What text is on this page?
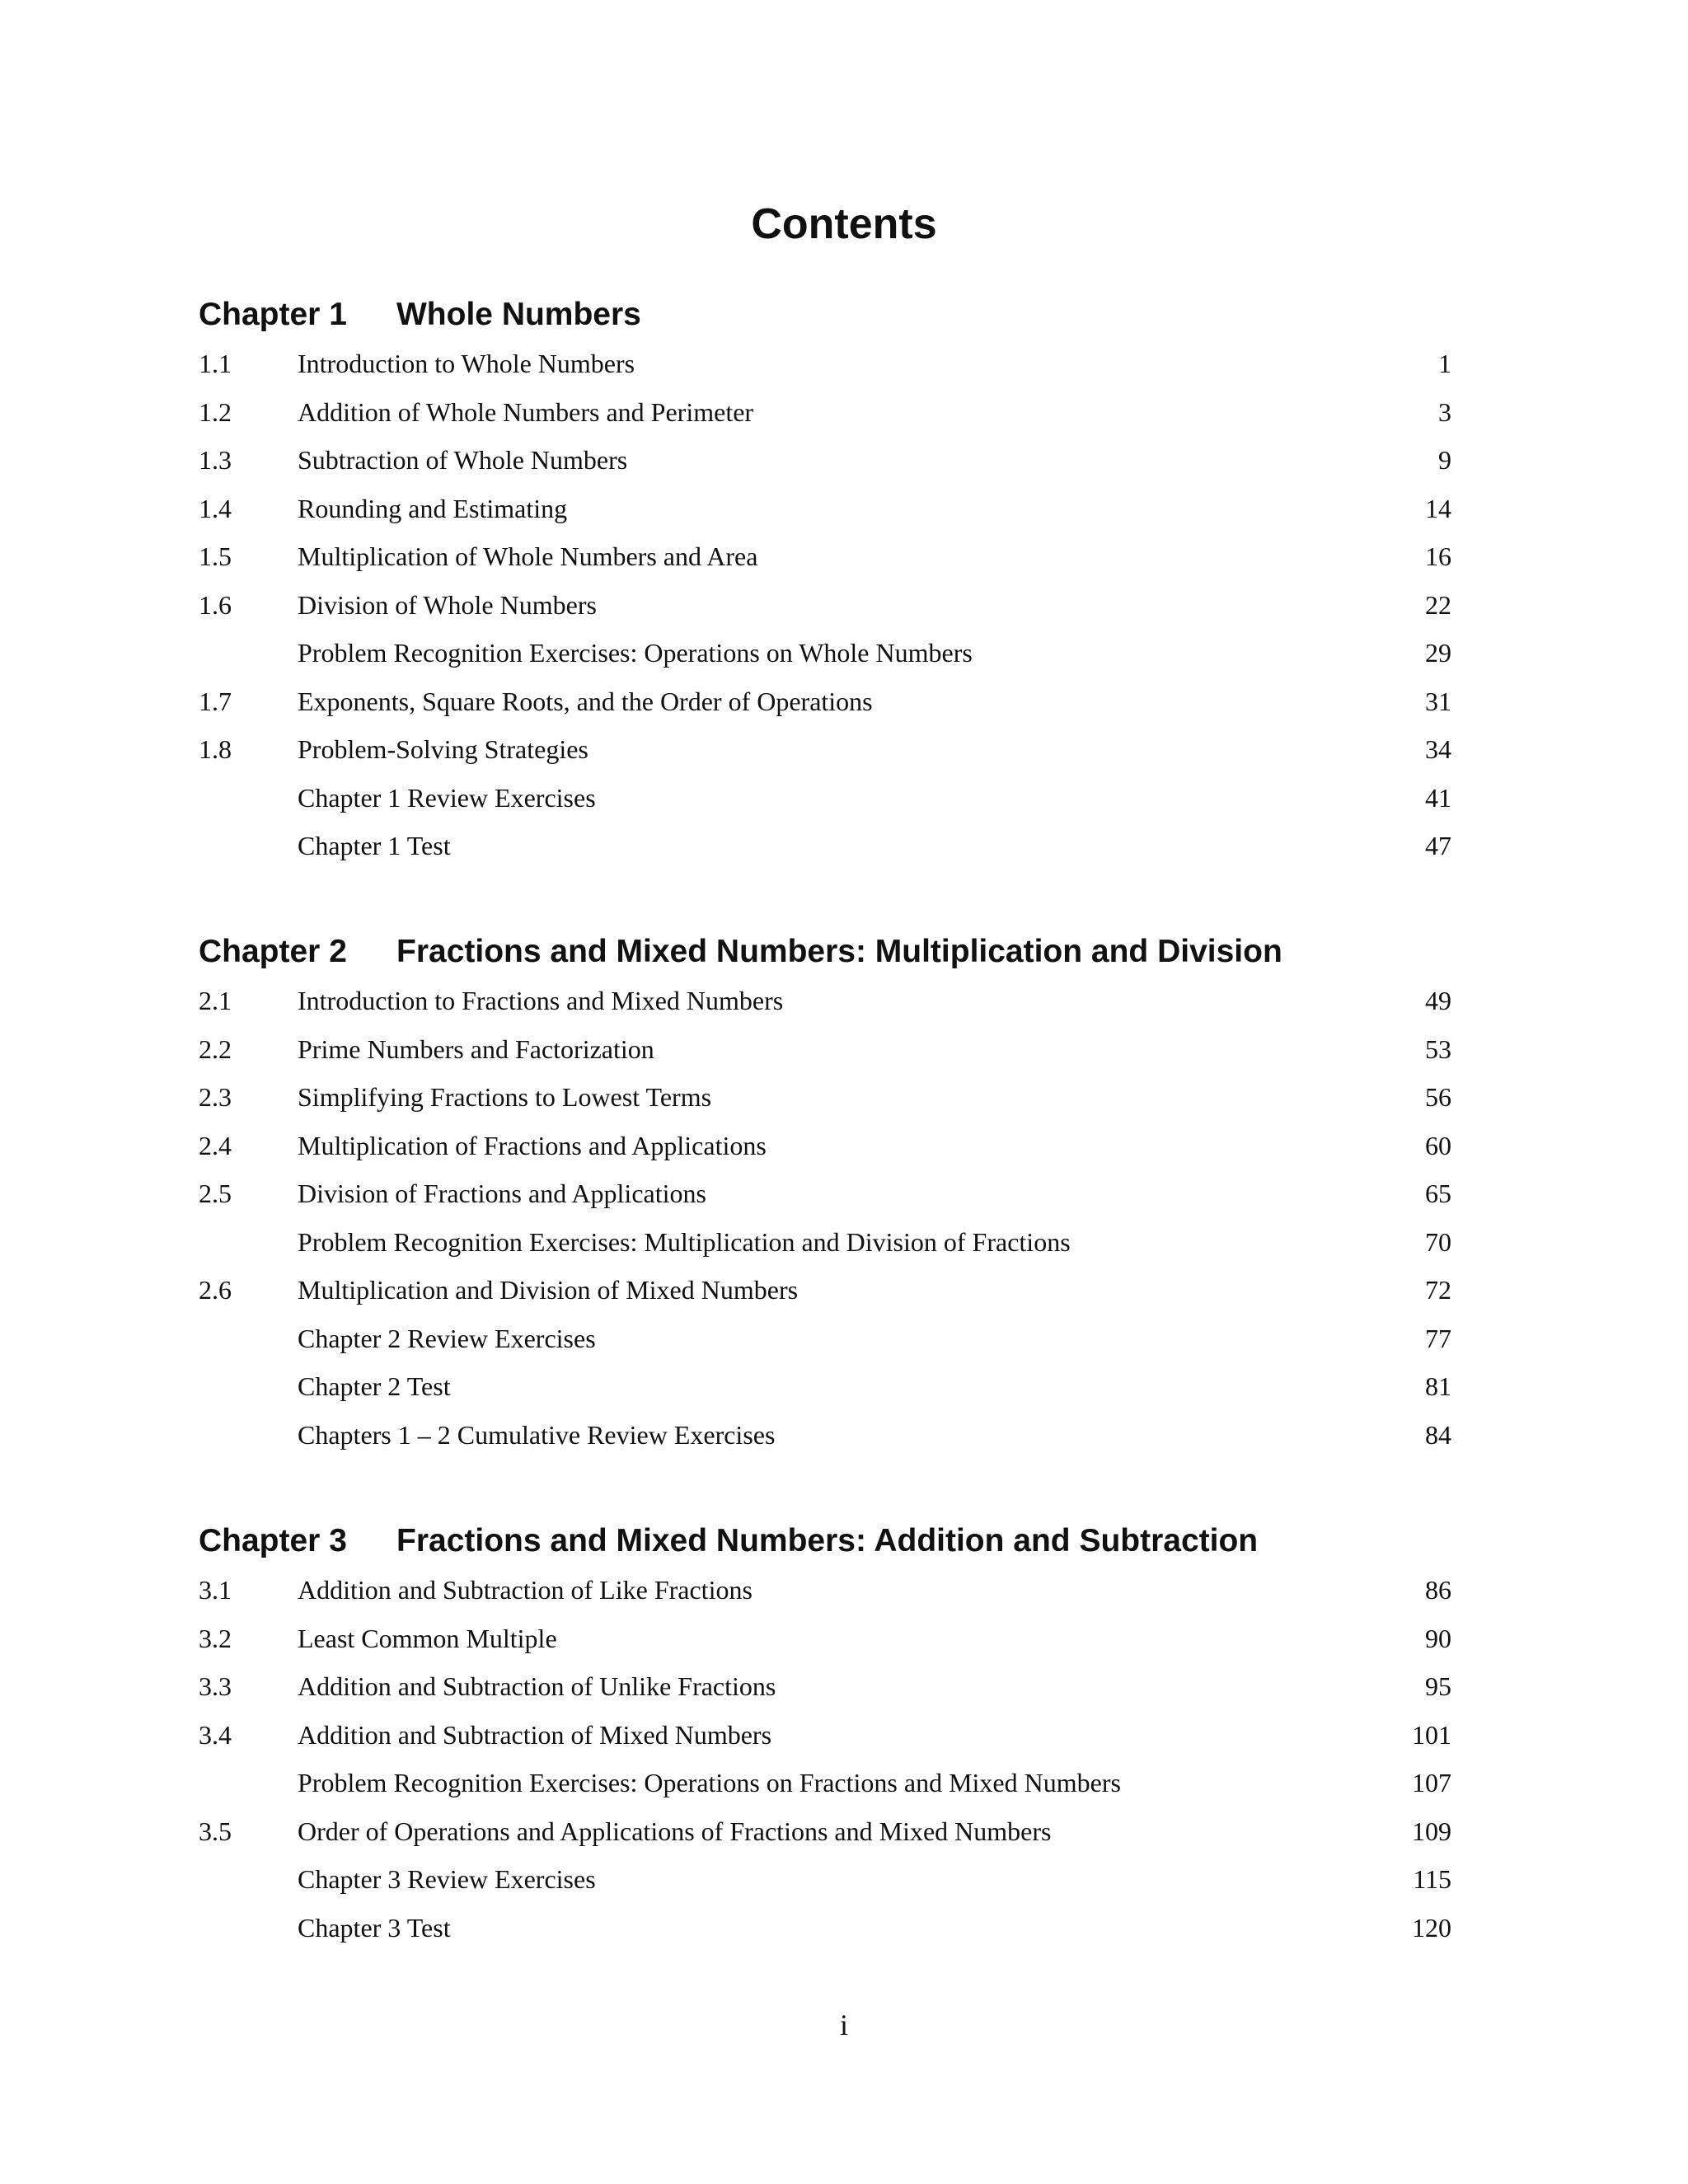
Contents
Chapter 1 Whole Numbers
1.1	Introduction to Whole Numbers	1
1.2	Addition of Whole Numbers and Perimeter	3
1.3	Subtraction of Whole Numbers	9
1.4	Rounding and Estimating	14
1.5	Multiplication of Whole Numbers and Area	16
1.6	Division of Whole Numbers	22
Problem Recognition Exercises: Operations on Whole Numbers	29
1.7	Exponents, Square Roots, and the Order of Operations	31
1.8	Problem-Solving Strategies	34
Chapter 1 Review Exercises	41
Chapter 1 Test	47
Chapter 2 Fractions and Mixed Numbers: Multiplication and Division
2.1	Introduction to Fractions and Mixed Numbers	49
2.2	Prime Numbers and Factorization	53
2.3	Simplifying Fractions to Lowest Terms	56
2.4	Multiplication of Fractions and Applications	60
2.5	Division of Fractions and Applications	65
Problem Recognition Exercises: Multiplication and Division of Fractions	70
2.6	Multiplication and Division of Mixed Numbers	72
Chapter 2 Review Exercises	77
Chapter 2 Test	81
Chapters 1 – 2 Cumulative Review Exercises	84
Chapter 3 Fractions and Mixed Numbers: Addition and Subtraction
3.1	Addition and Subtraction of Like Fractions	86
3.2	Least Common Multiple	90
3.3	Addition and Subtraction of Unlike Fractions	95
3.4	Addition and Subtraction of Mixed Numbers	101
Problem Recognition Exercises: Operations on Fractions and Mixed Numbers	107
3.5	Order of Operations and Applications of Fractions and Mixed Numbers	109
Chapter 3 Review Exercises	115
Chapter 3 Test	120
i
